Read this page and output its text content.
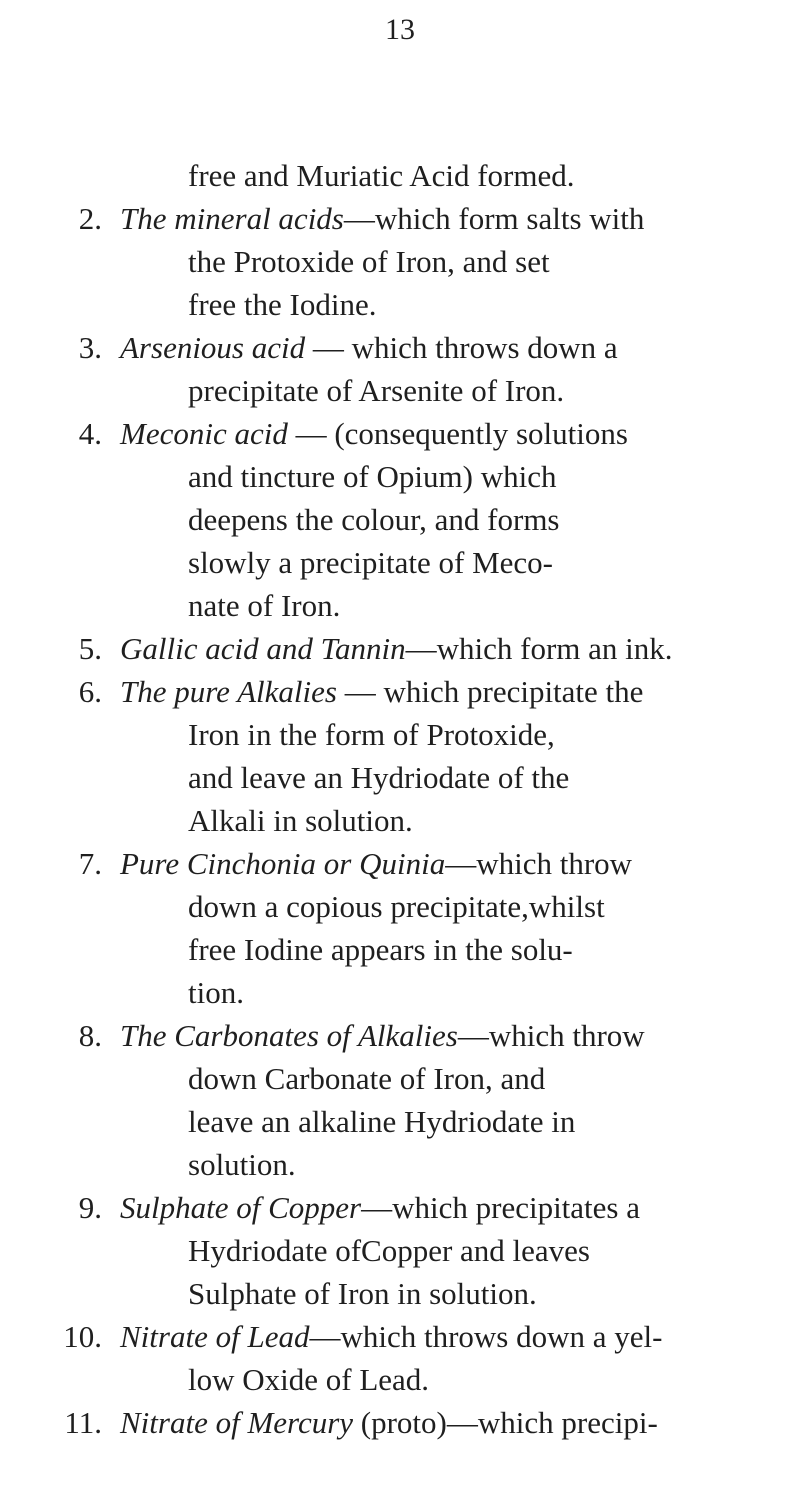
13
free and Muriatic Acid formed.
2. The mineral acids—which form salts with
the Protoxide of Iron, and set
free the Iodine.
3. Arsenious acid — which throws down a
precipitate of Arsenite of Iron.
4. Meconic acid — (consequently solutions
and tincture of Opium) which
deepens the colour, and forms
slowly a precipitate of Meco-
nate of Iron.
5. Gallic acid and Tannin—which form an ink.
6. The pure Alkalies — which precipitate the
Iron in the form of Protoxide,
and leave an Hydriodate of the
Alkali in solution.
7. Pure Cinchonia or Quinia—which throw
down a copious precipitate,whilst
free Iodine appears in the solu-
tion.
8. The Carbonates of Alkalies—which throw
down Carbonate of Iron, and
leave an alkaline Hydriodate in
solution.
9. Sulphate of Copper—which precipitates a
Hydriodate ofCopper and leaves
Sulphate of Iron in solution.
10. Nitrate of Lead—which throws down a yel-
low Oxide of Lead.
11. Nitrate of Mercury (proto)—which precipi-
